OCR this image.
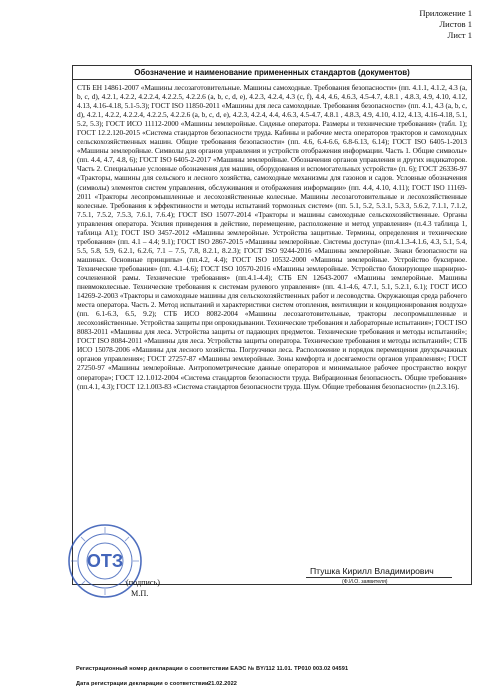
Приложение 1
Листов 1
Лист 1
Обозначение и наименование примененных стандартов (документов)
СТБ ЕН 14861-2007 «Машины лесозаготовительные. Машины самоходные. Требования безопасности» (пп. 4.1.1, 4.1.2, 4.3 (a, b, c, d), 4.2.1, 4.2.2, 4.2.2.4, 4.2.2.5, 4.2.2.6 (a, b, c, d, e), 4.2.3, 4.2.4, 4.3 (c, f), 4.4, 4.6, 4.6.3, 4.5-4.7, 4.8.1 , 4.8.3, 4.9, 4.10, 4.12, 4.13, 4.16-4.18, 5.1-5.3); ГОСТ ISO 11850-2011 «Машины для леса самоходные. Требования безопасности» (пп. 4.1, 4.3 (a, b, c, d), 4.2.1, 4.2.2, 4.2.2.4, 4.2.2.5, 4.2.2.6 (a, b, c, d, e), 4.2.3, 4.2.4, 4.4, 4.6.3, 4.5-4.7, 4.8.1 , 4.8.3, 4.9, 4.10, 4.12, 4.13, 4.16-4.18, 5.1, 5.2, 5.3); ГОСТ ИСО 11112-2000 «Машины землеройные. Сиденье оператора. Размеры и технические требования» (табл. 1); ГОСТ 12.2.120-2015 «Система стандартов безопасности труда. Кабины и рабочие места операторов тракторов и самоходных сельскохозяйственных машин. Общие требования безопасности» (пп. 4.6, 6.4-6.6, 6.8-6.13, 6.14); ГОСТ ISO 6405-1-2013 «Машины землеройные. Символы для органов управления и устройств отображения информации. Часть 1. Общие символы» (пп. 4.4, 4.7, 4.8, 6); ГОСТ ISO 6405-2-2017 «Машины землеройные. Обозначения органов управления и других индикаторов. Часть 2. Специальные условные обозначения для машин, оборудования и вспомогательных устройств» (п. 6); ГОСТ 26336-97 «Тракторы, машины для сельского и лесного хозяйства, самоходные механизмы для газонов и садов. Условные обозначения (символы) элементов систем управления, обслуживания и отображения информации» (пп. 4.4, 4.10, 4.11); ГОСТ ISO 11169-2011 «Тракторы лесопромышленные и лесохозяйственные колесные. Машины лесозаготовительные и лесохозяйственные колесные. Требования к эффективности и методы испытаний тормозных систем» (пп. 5.1, 5.2, 5.3.1, 5.3.3, 5.6.2, 7.1.1, 7.1.2, 7.5.1, 7.5.2, 7.5.3, 7.6.1, 7.6.4); ГОСТ ISO 15077-2014 «Тракторы и машины самоходные сельскохозяйственные. Органы управления оператора. Усилия приведения в действие, перемещение, расположение и метод управления» (п.4.3 таблица 1, таблица А1); ГОСТ ISO 3457-2012 «Машины землеройные. Устройства защитные. Термины, определения и технические требования» (пп. 4.1 – 4.4; 9.1); ГОСТ ISO 2867-2015 «Машины землеройные. Системы доступа» (пп.4.1.3-4.1.6, 4.3, 5.1, 5.4, 5.5, 5.8, 5.9, 6.2.1, 6.2.6, 7.1 – 7.5, 7.8, 8.2.1, 8.2.3); ГОСТ ISO 9244-2016 «Машины землеройные. Знаки безопасности на машинах. Основные принципы» (пп.4.2, 4.4); ГОСТ ISO 10532-2000 «Машины землеройные. Устройство буксирное. Технические требования» (пп. 4.1-4.6); ГОСТ ISO 10570-2016 «Машины землеройные. Устройство блокирующее шарнирно-сочлененной рамы. Технические требования» (пп.4.1-4.4); СТБ EN 12643-2007 «Машины землеройные. Машины пневмоколесные. Технические требования к системам рулевого управления» (пп. 4.1-4.6, 4.7.1, 5.1, 5.2.1, 6.1); ГОСТ ИСО 14269-2-2003 «Тракторы и самоходные машины для сельскохозяйственных работ и лесоводства. Окружающая среда рабочего места оператора. Часть 2. Метод испытаний и характеристики систем отопления, вентиляции и кондиционирования воздуха» (пп. 6.1-6.3, 6.5, 9.2); СТБ ИСО 8082-2004 «Машины лесозаготовительные, тракторы лесопромышленные и лесохозяйственные. Устройства защиты при опрокидывании. Технические требования и лабораторные испытания»; ГОСТ ISO 8083-2011 «Машины для леса. Устройства защиты от падающих предметов. Технические требования и методы испытаний»; ГОСТ ISO 8084-2011 «Машины для леса. Устройства защиты оператора. Технические требования и методы испытаний»; СТБ ИСО 15078-2006 «Машины для лесного хозяйства. Погрузчики леса. Расположение и порядок перемещения двухрычажных органов управления»; ГОСТ 27257-87 «Машины землеройные. Зоны комфорта и досягаемости органов управления»; ГОСТ 27250-97 «Машины землеройные. Антропометрические данные операторов и минимальное рабочее пространство вокруг оператора»; ГОСТ 12.1.012-2004 «Система стандартов безопасности труда. Вибрационная безопасность. Общие требования» (пп.4.1, 4.3); ГОСТ 12.1.003-83 «Система стандартов безопасности труда. Шум. Общие требования безопасности» (п.2.3.16).
ОТЗ
(подпись)
М.П.
Птушка Кирилл Владимирович
(Ф.И.О. заявителя)
Регистрационный номер декларации о соответствии ЕАЭС № BY/112 11.01. ТР010 003.02 04591
Дата регистрации декларации о соответствии 21.02.2022
